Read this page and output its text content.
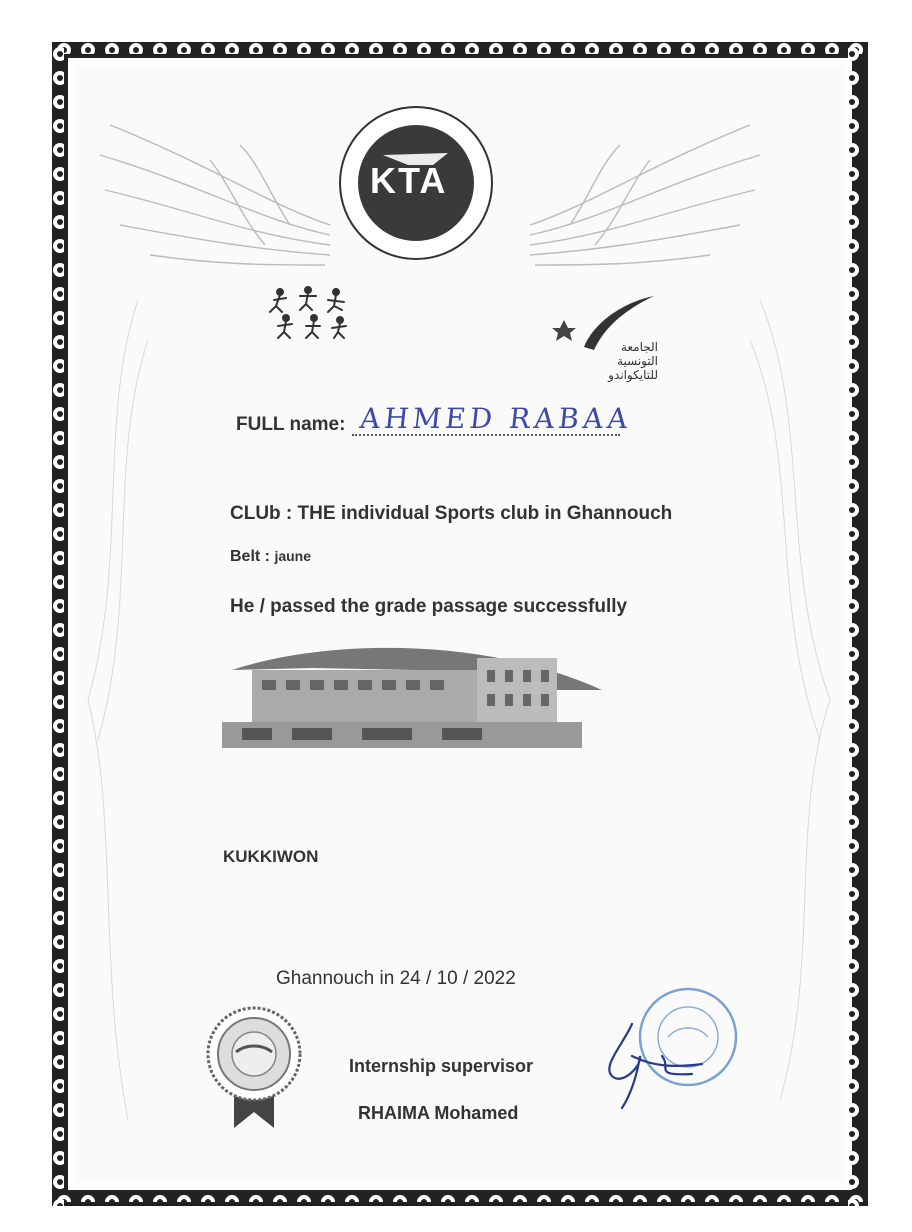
KTA
الجامعة
التونسية
للتايكواندو
FULL name: AHMED RABAA
CLUb : THE individual Sports club in Ghannouch
Belt : jaune
He / passed the grade passage successfully
KUKKIWON
Ghannouch in 24 / 10 / 2022
Internship supervisor
RHAIMA Mohamed
